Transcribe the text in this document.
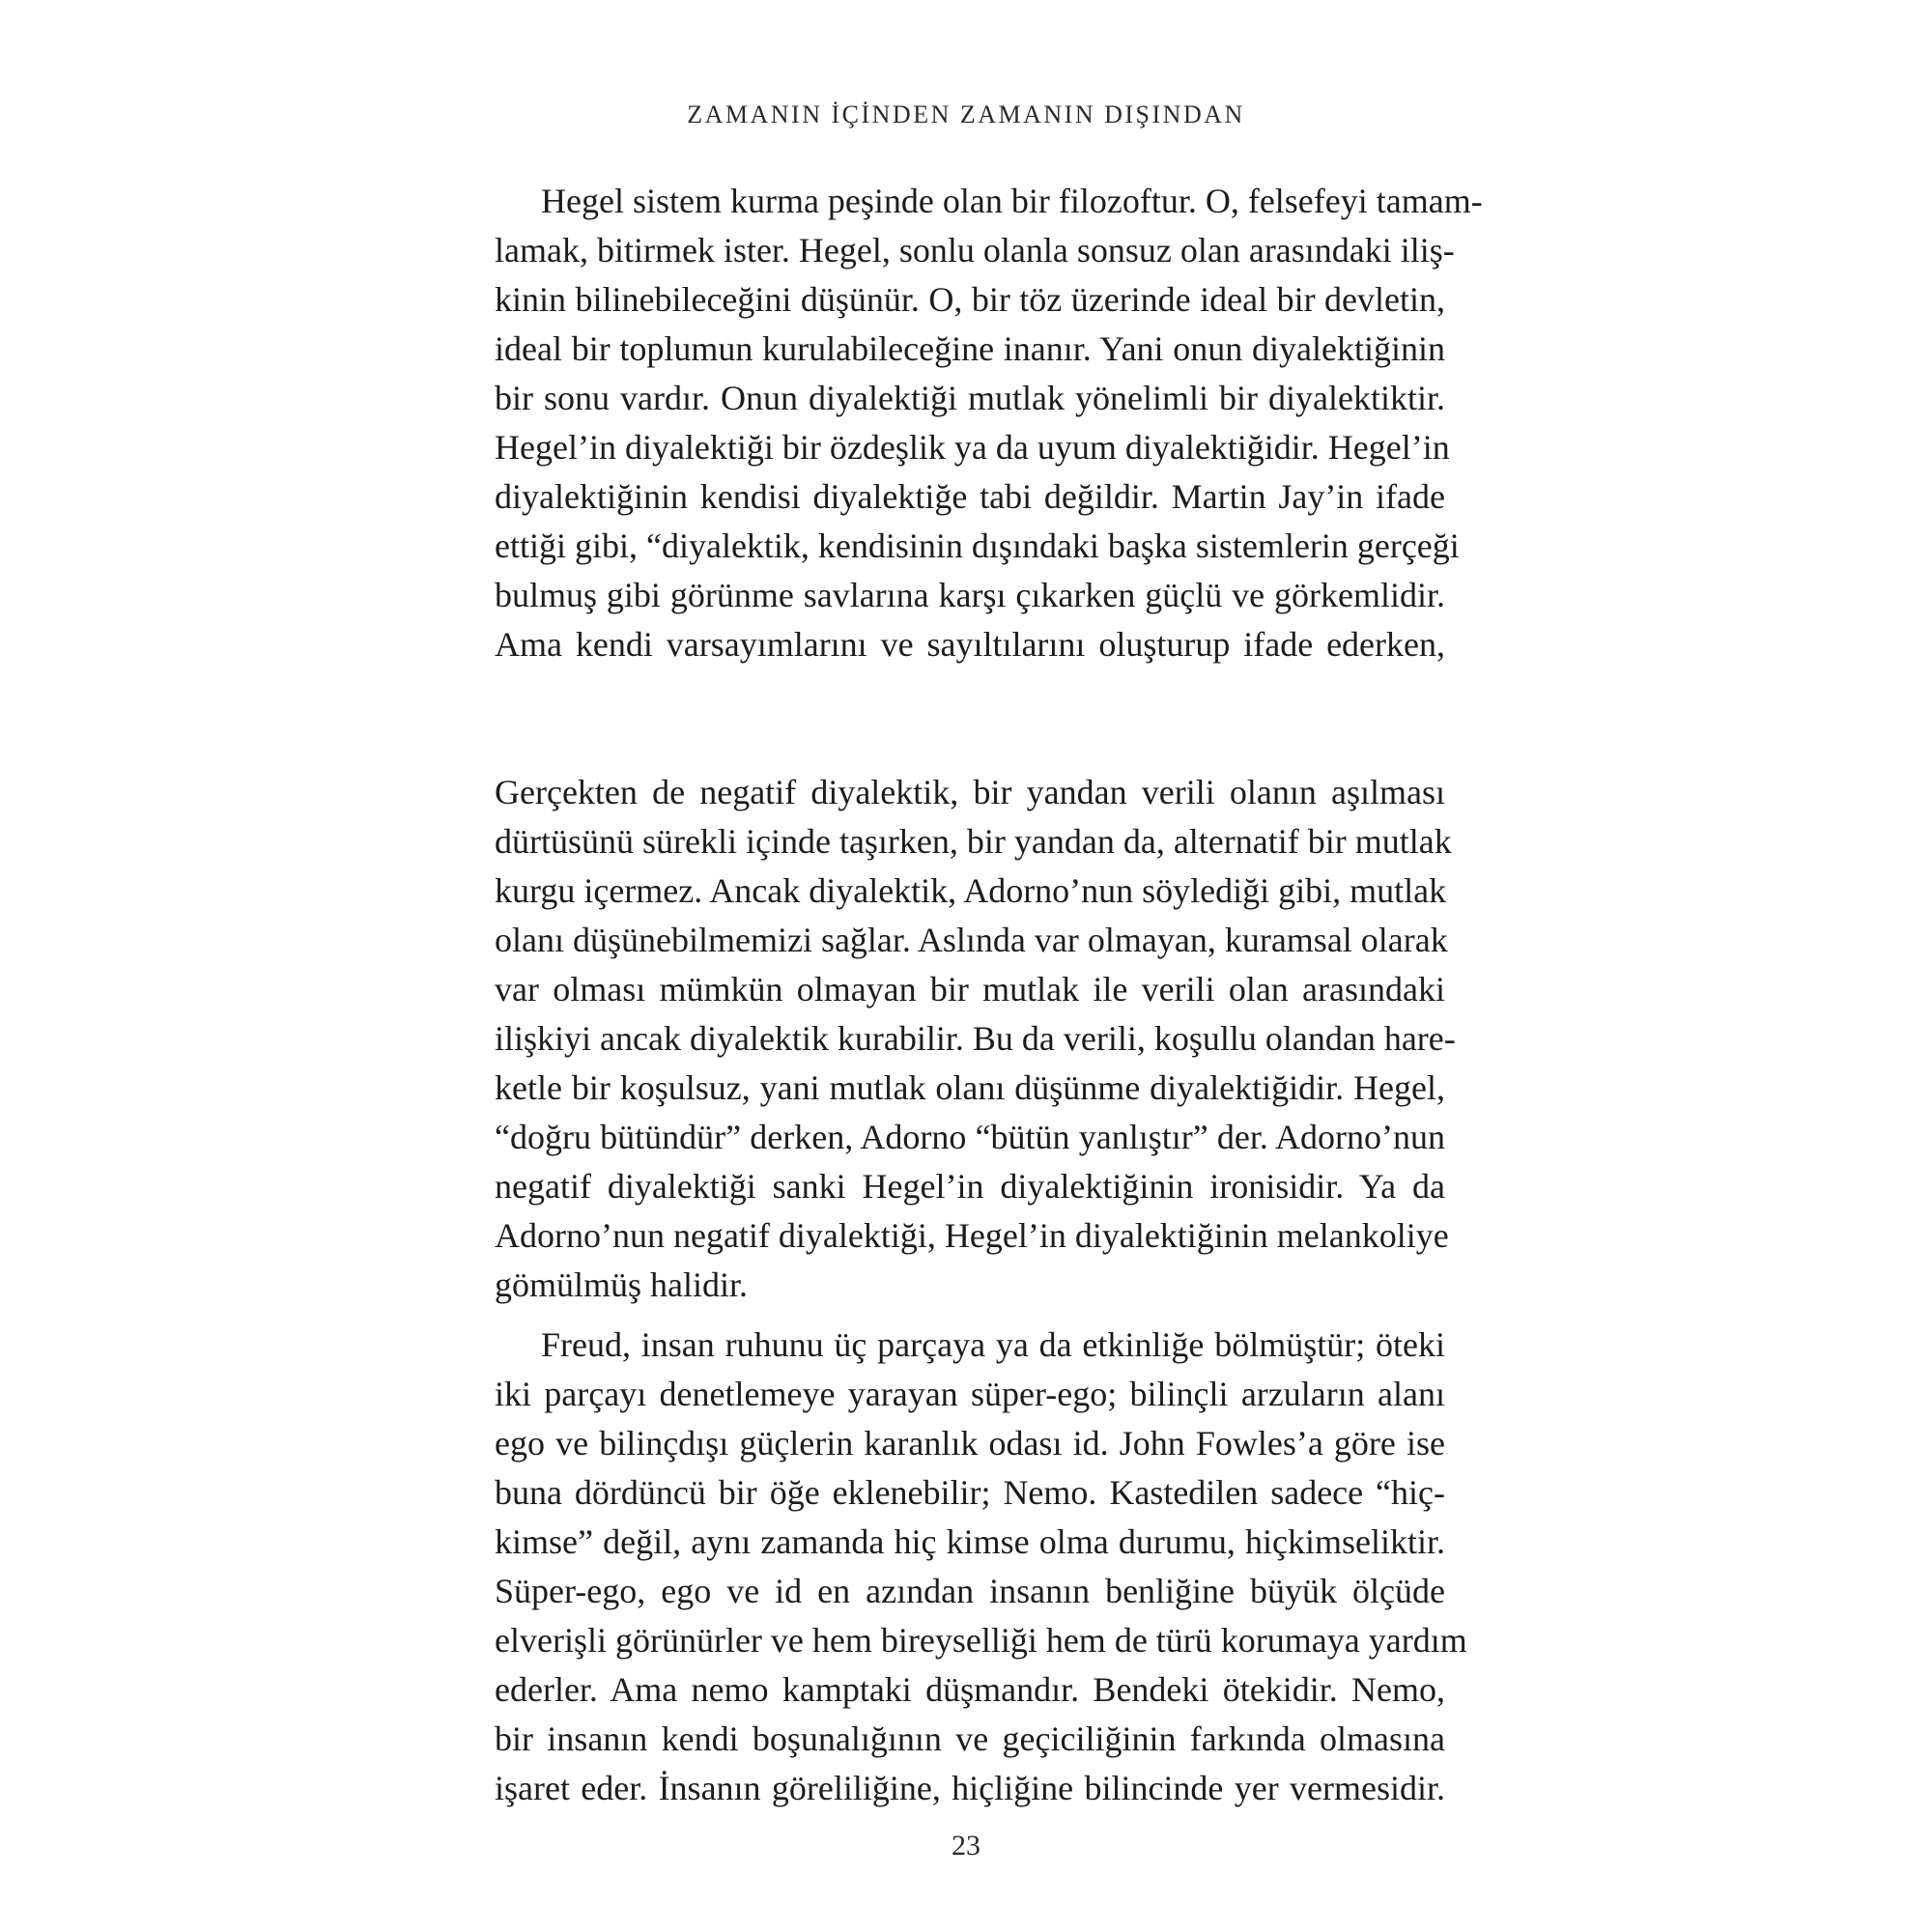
ZAMANIN İÇİNDEN ZAMANIN DIŞINDAN

Hegel sistem kurma peşinde olan bir filozoftur. O, felsefeyi tamam-
lamak, bitirmek ister. Hegel, sonlu olanla sonsuz olan arasındaki iliş-
kinin bilinebileceğini düşünür. O, bir töz üzerinde ideal bir devletin,
ideal bir toplumun kurulabileceğine inanır. Yani onun diyalektiğinin
bir sonu vardır. Onun diyalektiği mutlak yönelimli bir diyalektiktir.
Hegel’in diyalektiği bir özdeşlik ya da uyum diyalektiğidir. Hegel’in
diyalektiğinin kendisi diyalektiğe tabi değildir. Martin Jay’in ifade
ettiği gibi, “diyalektik, kendisinin dışındaki başka sistemlerin gerçeği
bulmuş gibi görünme savlarına karşı çıkarken güçlü ve görkemlidir.
Ama kendi varsayımlarını ve sayıltılarını oluşturup ifade ederken,
Gerçekten de negatif diyalektik, bir yandan verili olanın aşılması
dürtüsünü sürekli içinde taşırken, bir yandan da, alternatif bir mutlak
kurgu içermez. Ancak diyalektik, Adorno’nun söylediği gibi, mutlak
olanı düşünebilmemizi sağlar. Aslında var olmayan, kuramsal olarak
var olması mümkün olmayan bir mutlak ile verili olan arasındaki
ilişkiyi ancak diyalektik kurabilir. Bu da verili, koşullu olandan hare-
ketle bir koşulsuz, yani mutlak olanı düşünme diyalektiğidir. Hegel,
“doğru bütündür” derken, Adorno “bütün yanlıştır” der. Adorno’nun
negatif diyalektiği sanki Hegel’in diyalektiğinin ironisidir. Ya da
Adorno’nun negatif diyalektiği, Hegel’in diyalektiğinin melankoliye
gömülmüş halidir.

Freud, insan ruhunu üç parçaya ya da etkinliğe bölmüştür; öteki
iki parçayı denetlemeye yarayan süper-ego; bilinçli arzuların alanı
ego ve bilinçdışı güçlerin karanlık odası id. John Fowles’a göre ise
buna dördüncü bir öğe eklenebilir; Nemo. Kastedilen sadece “hiç-
kimse” değil, aynı zamanda hiç kimse olma durumu, hiçkimseliktir.
Süper-ego, ego ve id en azından insanın benliğine büyük ölçüde
elverişli görünürler ve hem bireyselliği hem de türü korumaya yardım
ederler. Ama nemo kamptaki düşmandır. Bendeki ötekidir. Nemo,
bir insanın kendi boşunalığının ve geçiciliğinin farkında olmasına
işaret eder. İnsanın göreliliğine, hiçliğine bilincinde yer vermesidir.

23
